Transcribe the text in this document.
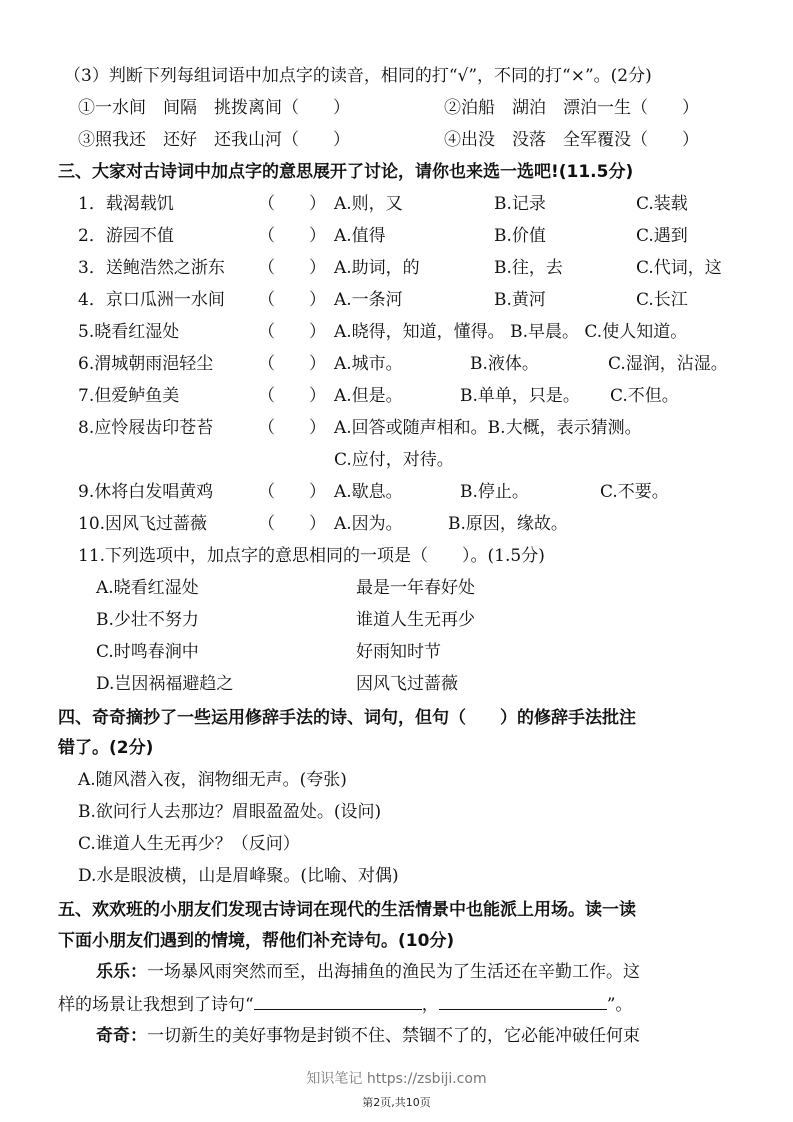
（3）判断下列每组词语中加点字的读音，相同的打“√”，不同的打“×”。(2分)
①一水间　间隔　挑拨离间（　　）	②泊船　湖泊　漂泊一生（　　）
③照我还　还好　还我山河（　　）	④出没　没落　全军覆没（　　）
三、大家对古诗词中加点字的意思展开了讨论，请你也来选一选吧!(11.5分)
1．载渴载饥	（　　） A.则，又	B.记录	C.装载
2．游园不值	（　　） A.值得	B.价值	C.遇到
3．送鲍浩然之浙东 （　　） A.助词，的	B.往，去	C.代词，这
4．京口瓜洲一水间 （　　） A.一条河	B.黄河	C.长江
5.晓看红湿处	（　　） A.晓得，知道，懂得。 B.早晨。 C.使人知道。
6.渭城朝雨浥轻尘	（　　） A.城市。	B.液体。	C.湿润，沾湿。
7.但爱鲈鱼美	（　　） A.但是。	B.单单，只是。 C.不但。
8.应怜屐齿印苍苔	（　　） A.回答或随声相和。B.大概，表示猜测。
C.应付，对待。
9.休将白发唱黄鸡	（　　） A.歇息。	B.停止。	C.不要。
10.因风飞过蔷薇	（　　） A.因为。	B.原因，缘故。
11.下列选项中，加点字的意思相同的一项是（　　）。(1.5分)
A.晓看红湿处	最是一年春好处
B.少壮不努力	谁道人生无再少
C.时鸣春涧中	好雨知时节
D.岂因祸福避趋之	因风飞过蔷薇
四、奇奇摘抄了一些运用修辞手法的诗、词句，但句（　　）的修辞手法批注
错了。(2分)
A.随风潜入夜，润物细无声。(夸张)
B.欲问行人去那边？眉眼盈盈处。(设问)
C.谁道人生无再少？（反问）
D.水是眼波横，山是眉峰聚。(比喻、对偶)
五、欢欢班的小朋友们发现古诗词在现代的生活情景中也能派上用场。读一读
下面小朋友们遇到的情境，帮他们补充诗句。(10分)
乐乐：一场暴风雨突然而至，出海捕鱼的渔民为了生活还在辛勤工作。这
样的场景让我想到了诗句“	，	”。
奇奇：一切新生的美好事物是封锁不住、禁锢不了的，它必能冲破任何束
知识笔记 https://zsbiji.com
第2页,共10页
